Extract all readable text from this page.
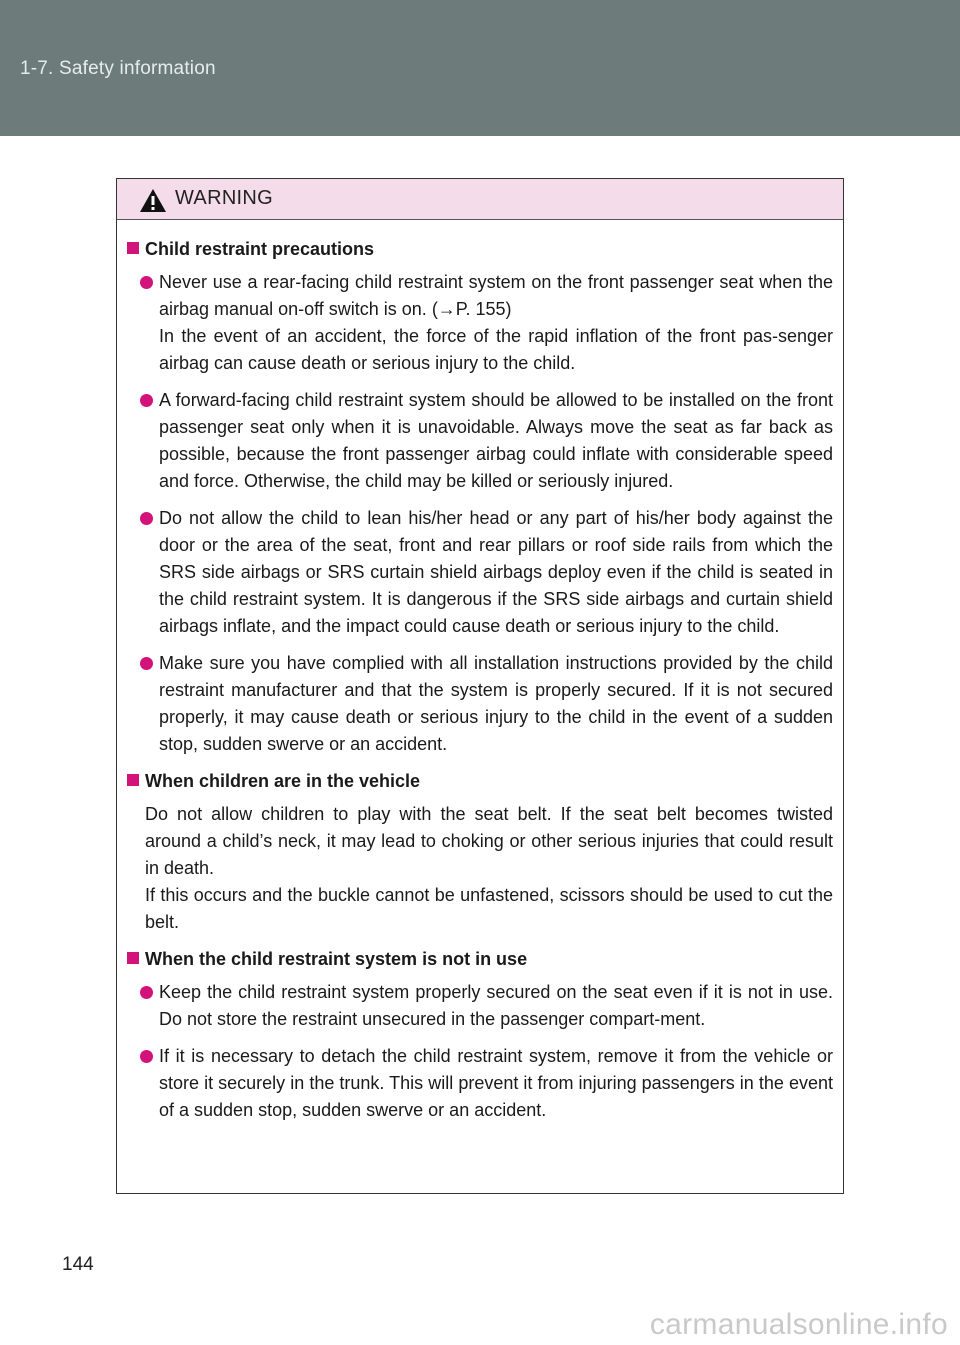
1-7. Safety information
WARNING
Child restraint precautions
Never use a rear-facing child restraint system on the front passenger seat when the airbag manual on-off switch is on. (→P. 155)
In the event of an accident, the force of the rapid inflation of the front pas-senger airbag can cause death or serious injury to the child.
A forward-facing child restraint system should be allowed to be installed on the front passenger seat only when it is unavoidable. Always move the seat as far back as possible, because the front passenger airbag could inflate with considerable speed and force. Otherwise, the child may be killed or seriously injured.
Do not allow the child to lean his/her head or any part of his/her body against the door or the area of the seat, front and rear pillars or roof side rails from which the SRS side airbags or SRS curtain shield airbags deploy even if the child is seated in the child restraint system. It is dangerous if the SRS side airbags and curtain shield airbags inflate, and the impact could cause death or serious injury to the child.
Make sure you have complied with all installation instructions provided by the child restraint manufacturer and that the system is properly secured. If it is not secured properly, it may cause death or serious injury to the child in the event of a sudden stop, sudden swerve or an accident.
When children are in the vehicle
Do not allow children to play with the seat belt. If the seat belt becomes twisted around a child’s neck, it may lead to choking or other serious injuries that could result in death.
If this occurs and the buckle cannot be unfastened, scissors should be used to cut the belt.
When the child restraint system is not in use
Keep the child restraint system properly secured on the seat even if it is not in use. Do not store the restraint unsecured in the passenger compart-ment.
If it is necessary to detach the child restraint system, remove it from the vehicle or store it securely in the trunk. This will prevent it from injuring passengers in the event of a sudden stop, sudden swerve or an accident.
144
carmanualsonline.info
